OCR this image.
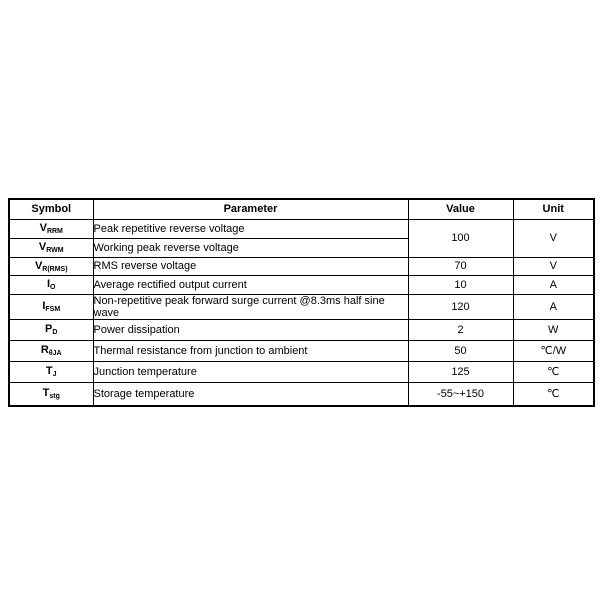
Symbol	Parameter	Value	Unit
$V_{RRM}$	Peak repetitive reverse voltage	100	V
$V_{RWM}$	Working peak reverse voltage		
$V_{R(RMS)}$	RMS reverse voltage	70	V
$I_O$	Average rectified output current	10	A
$I_{FSM}$	Non-repetitive peak forward surge current @8.3ms half sine wave	120	A
$P_D$	Power dissipation	2	W
$R_{\theta JA}$	Thermal resistance from junction to ambient	50	℃/W
$T_J$	Junction temperature	125	℃
$T_{stg}$	Storage temperature	-55~+150	℃
